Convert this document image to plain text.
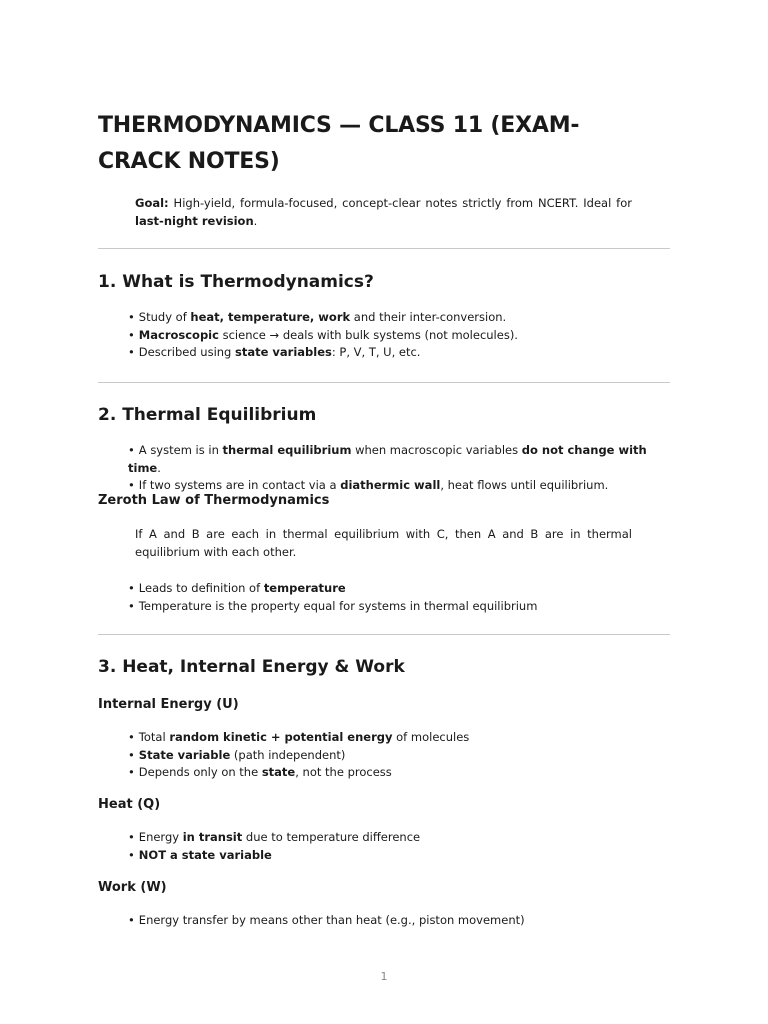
THERMODYNAMICS — CLASS 11 (EXAM-CRACK NOTES)

Goal: High-yield, formula-focused, concept-clear notes strictly from NCERT. Ideal for last-night revision.

1. What is Thermodynamics?
• Study of heat, temperature, work and their inter-conversion.
• Macroscopic science → deals with bulk systems (not molecules).
• Described using state variables: P, V, T, U, etc.
2. Thermal Equilibrium
• A system is in thermal equilibrium when macroscopic variables do not change with time.
• If two systems are in contact via a diathermic wall, heat flows until equilibrium.
Zeroth Law of Thermodynamics

If A and B are each in thermal equilibrium with C, then A and B are in thermal equilibrium with each other.

• Leads to definition of temperature
• Temperature is the property equal for systems in thermal equilibrium
3. Heat, Internal Energy & Work
Internal Energy (U)
• Total random kinetic + potential energy of molecules
• State variable (path independent)
• Depends only on the state, not the process
Heat (Q)
• Energy in transit due to temperature difference
• NOT a state variable
Work (W)
• Energy transfer by means other than heat (e.g., piston movement)
1
